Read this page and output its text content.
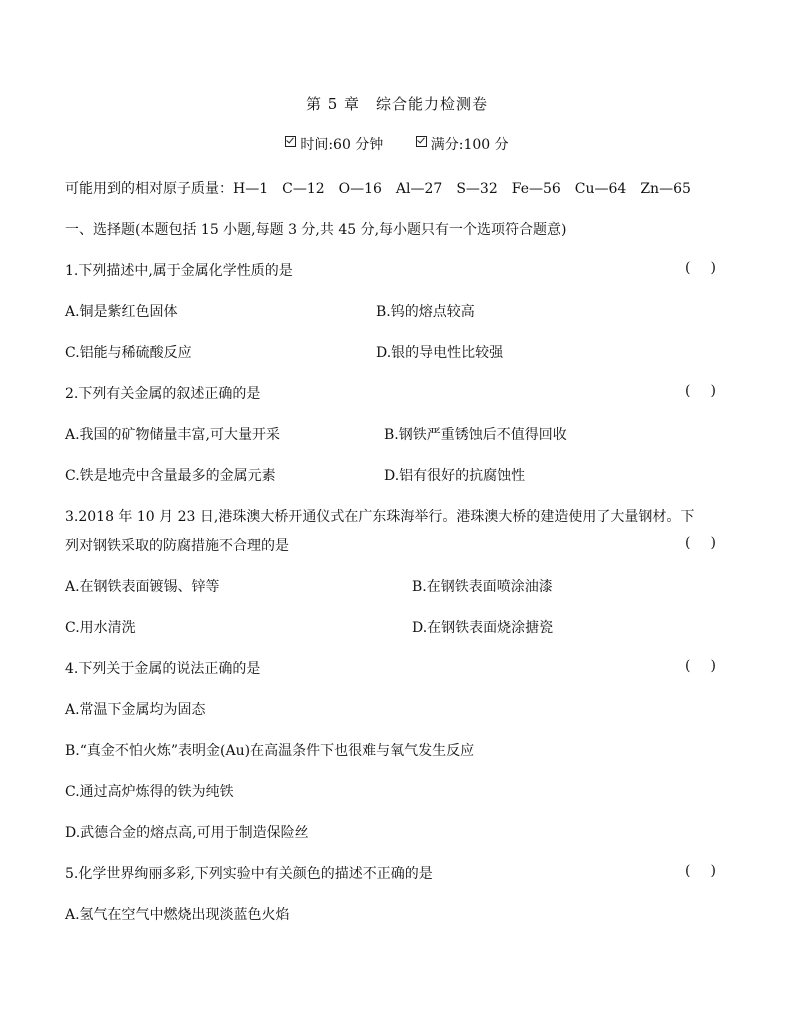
第 5 章　综合能力检测卷
时间:60 分钟	满分:100 分
可能用到的相对原子质量：H—1　C—12　O—16　Al—27　S—32　Fe—56　Cu—64　Zn—65
一、选择题(本题包括 15 小题,每题 3 分,共 45 分,每小题只有一个选项符合题意)
1.下列描述中,属于金属化学性质的是	()
A.铜是紫红色固体	B.钨的熔点较高
C.铝能与稀硫酸反应	D.银的导电性比较强
2.下列有关金属的叙述正确的是	()
A.我国的矿物储量丰富,可大量开采	B.钢铁严重锈蚀后不值得回收
C.铁是地壳中含量最多的金属元素	D.铝有很好的抗腐蚀性
3.2018 年 10 月 23 日,港珠澳大桥开通仪式在广东珠海举行。港珠澳大桥的建造使用了大量钢材。下
列对钢铁采取的防腐措施不合理的是	()
A.在钢铁表面镀锡、锌等	B.在钢铁表面喷涂油漆
C.用水清洗	D.在钢铁表面烧涂搪瓷
4.下列关于金属的说法正确的是	()
A.常温下金属均为固态
B.“真金不怕火炼”表明金(Au)在高温条件下也很难与氧气发生反应
C.通过高炉炼得的铁为纯铁
D.武德合金的熔点高,可用于制造保险丝
5.化学世界绚丽多彩,下列实验中有关颜色的描述不正确的是	()
A.氢气在空气中燃烧出现淡蓝色火焰
